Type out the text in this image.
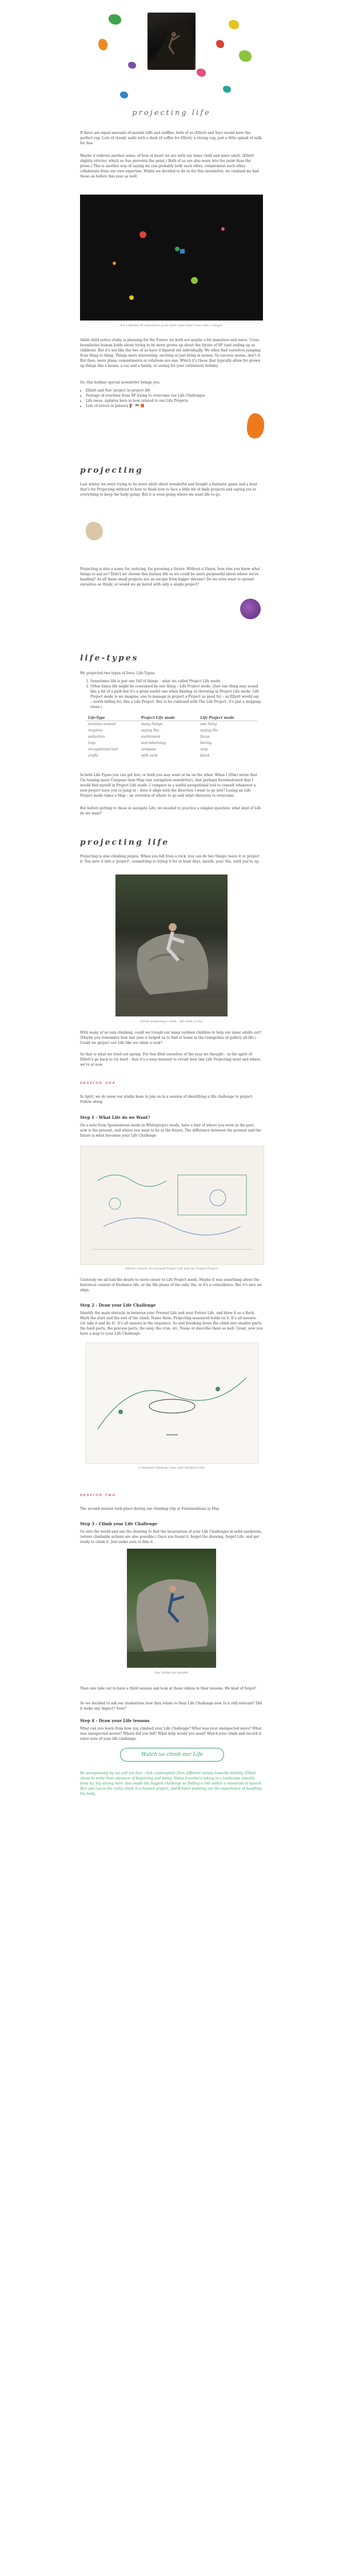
projecting life

If there are equal amounts of mental toffs and sniffles, both of us (Elliott and Sue) would have the perfect cup. Lots of cloudy walls with a dash of coffee for Elliott; a strong cup, just a little splash of milk for Sue.

Maybe it relieves another some; of how at heart we are with our inner child and inner adult. (Elliott slightly stricter, which so Sue prevents the point.) Both of us are also more into the point than the prose.) This is another way of saying we can probably both each other, complement each other, collaborate from our own expertise. Whilst we decided to do so for this newsletter, we realised we had these on before this year as well.

It's a blissful SF mutualism as an inner child adult cross with a ranger.

Adult-child notice study, is planning for the Future we both are maybe a bit immature and naive. Cross boundaries human holds about trying to be more grown up about the future of SP (and ending up as children). But it's not like the two of us have it figured out individually. We often find ourselves jumping from thing to thing. Things more interesting, exciting or just bring in money. So success seems, don't it. But then, more plans, commitments or relations are one. Which it's these that typically allow for grown up things like a house, a car and a family, or saving for your retirement holiday.

So, this holiday special newsletter brings you:

• Elliott and Sue' project in project life
• Footage of overtime from SP trying to overcome our Life Challenges
• Life mess: updates here in how related to our Life Projects
• Lots of errors in January 🧗‍♀️ 🏁 🎁
projecting

Last winter we were trying to be more adult about wonderful and bought a fantastic game and a boat that's for Projecting without to how to think how to face a little bit of daily projects and saying yes to everything to keep the body going. But it is even going where we want life to go.

Projecting is also a name for, noticing, for pursuing a future. Without a Vision, how else you know what things to say no? Didn't we choose this fantasy life so we could be more purposeful about where we're heading? As all these small projects are an escape from bigger dreams? Do we even want to spread ourselves so thinly, or would we go bored with only a single project?

life-types

We projected two types of lives, Life-Types:

1. Sometimes life is just one full of things – what we called Project Life mode.
2. Other times life might be consumed by one thing – Life Project mode. (Just one thing may sound like a bit of a path but it's a great useful one when fixating or throwing in Project Life mode. Life Project mode is we imagine, one to manage in project a Project as good try – as Elliott would say – worth falling for, like a Life Project. But to be confused with The Life Project, it's just a stepping stone.)
Life-Type	Project Life mode	Life Project mode
involves around	many things	one thing
requires	saying Yes	saying No
seduction	excitement	focus
trap	overwhelming	boring
occupational tool	compass	map
crafts	with verb	block

In both Life-Types you can get lost; or both you may want or be on the other. When I (Elin) wrote that I'm leaning more Compass than Map (see navigation newsletter), that perhaps foreshadowed that I would find myself in Project Life mode. I compare in a useful navigational tool to consult whenever a new project have you to jump in – does it align with the direction I want to go into? Losing an Life Project mode takes a Map – an overview of where to go and what obstacles to overcome.

But before getting to those in navigate Life, we needed to practice a simpler question: what kind of Life do we want?

projecting life

Projecting is also climbing jargon. When you fall from a rock, you can do two things: leave it or project it. You save it into a 'project', committing to trying it for at least days, month, year. Yes, until you're up.

Elliott projecting a climb - fall mode [crux]

With many of us rain climbing, could we trough our many outdoor children to help our inner adults out? (Maybe you remember how last year it helped us to find at home in the trampoline at gallery all life.) Could we project our Life like we climb a rock?

So that is what we tried out spring. For Sue filed ourselves of the year we thought – in the spirit of Elliott's go back to try hard – that it's a easy moment to revisit how this Life Projecting went and where we're at now.

session one

In April, we do some our studio base to join us in a session of identifying a life challenge to project. Follow along:

Step 1 - What Life do we Want?

On a note from Spontaneous mode in Whiteproject mode, have a hint of where you were in the past, now is the present, and where you want to be in the future. The difference between the present and the future is what becomes your Life Challenge.

Elliott's sketch: the present Project Life and our Project Project

Curiously we all had the desire to move closer to Life Project mode. Maybe it was something about the historical context of freelance life, or the life phase of the rally. Ha, or it's a coincidence. But it's nice we align.

Step 2 - Draw your Life Challenge

Identify the main obstacle in between your Present Life and your Future Life, and draw it as a Rock. Mark the start and the end of the climb. Name them. Projecting measured holds on it. It's all messes. 1st take it and do it!. It's all messes in the sequence. So and breaking down the climb into smaller parts: the hard parts, the process parts, the easy, the crux, etc. Name or describe them as well. Great, now you have a map to your Life Challenge.

A sketched climbing route with labelled holds
session two

The second session took place during our climbing trip at Fontainebleau in May.

Step 3 - Climb your Life Challenge

Go into the world and use the drawing to find the incarnation of your Life Challenges in solid sandstone, (where climbable actions are also possible.) Once you found it, forget the drawing, forget Life, and get ready to climb it. Just make sure to film it.

Sue climbs the boulder

Then one take out to have a third session and look at those videos in their lessons. We kind of forgot!

So we decided to ask our studentries how they relate to their Life Challenge now. Is it still relevant? Did it make any impact? Sure?

Step 4 - Draw your Life lessons

What can you learn from how you climbed your Life Challenge? What was your unexpected move? What was unexpected moves? Where did you fall? What help would you need? Watch your climb and record it voice note of your life challenge.

Watch us climb our Life

Be anonymously by me and not fear: click contemplate from different names towards stability. Elliott chose to write their pleasure of beginning and being. Naina Lourdes's taking in a landscape visually done by 'big strong mire' Also made the biggest challenge so finding a role within a resources to launch. Ben and Lucas the rocky climb in a bounce project, and Kristen pointing out the importance of handling the body.
